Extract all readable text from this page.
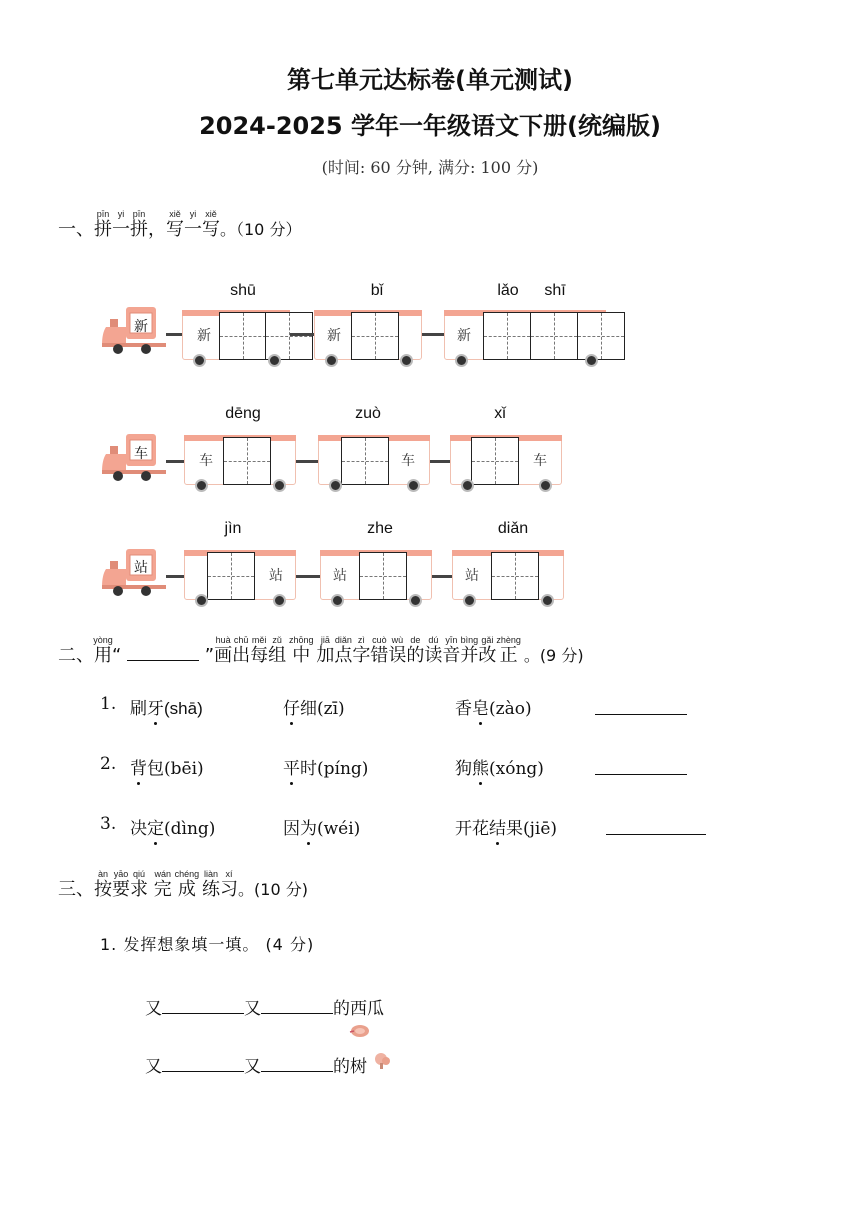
第七单元达标卷(单元测试)
2024-2025 学年一年级语文下册(统编版)
(时间: 60 分钟, 满分: 100 分)
一、拼pīn一yi拼pīn，写xiě一yi写xiě。（10 分）
shū	bǐ	lǎo	shī
新
新	新	新
dēng	zuò	xǐ
车	车	车	车
jìn	zhe	diǎn
站	站	站	站
二、用yòng“	”画huà出chū每měi组zǔ 中zhōng 加jiā点diǎn字zì错cuò误wù的de读dú音yīn并bìng改gǎi正zhèng 。(9 分)
1. 刷牙(shā)	仔细(zī)	香皂(zào)
2. 背包(bēi)	平时(píng)	狗熊(xóng)
3. 决定(dìng)	因为(wéi)	开花结果(jiē)
三、按àn要yāo求qiú 完wán 成chéng 练liàn习xí。(10 分)
1. 发挥想象填一填。 (4 分)
又	又	的西瓜
又	又	的树
